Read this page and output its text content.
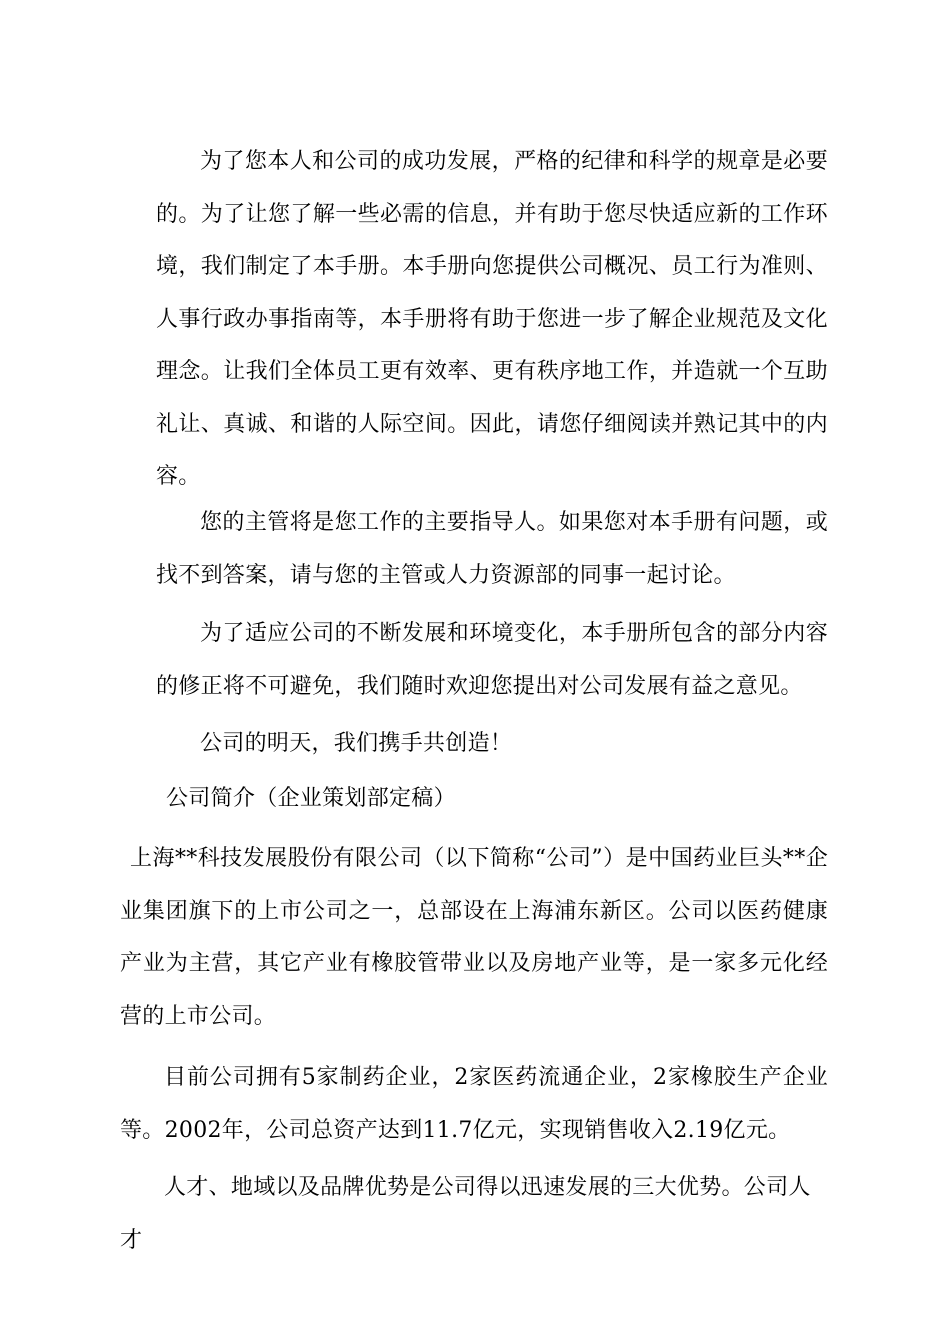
为了您本人和公司的成功发展，严格的纪律和科学的规章是必要的。为了让您了解一些必需的信息，并有助于您尽快适应新的工作环境，我们制定了本手册。本手册向您提供公司概况、员工行为准则、人事行政办事指南等，本手册将有助于您进一步了解企业规范及文化理念。让我们全体员工更有效率、更有秩序地工作，并造就一个互助礼让、真诚、和谐的人际空间。因此，请您仔细阅读并熟记其中的内容。

您的主管将是您工作的主要指导人。如果您对本手册有问题，或找不到答案，请与您的主管或人力资源部的同事一起讨论。

为了适应公司的不断发展和环境变化，本手册所包含的部分内容的修正将不可避免，我们随时欢迎您提出对公司发展有益之意见。

公司的明天，我们携手共创造！

公司简介（企业策划部定稿）

上海**科技发展股份有限公司（以下简称“公司”）是中国药业巨头**企业集团旗下的上市公司之一，总部设在上海浦东新区。公司以医药健康产业为主营，其它产业有橡胶管带业以及房地产业等，是一家多元化经营的上市公司。

目前公司拥有5家制药企业，2家医药流通企业，2家橡胶生产企业等。2002年，公司总资产达到11.7亿元，实现销售收入2.19亿元。

人才、地域以及品牌优势是公司得以迅速发展的三大优势。公司人才
